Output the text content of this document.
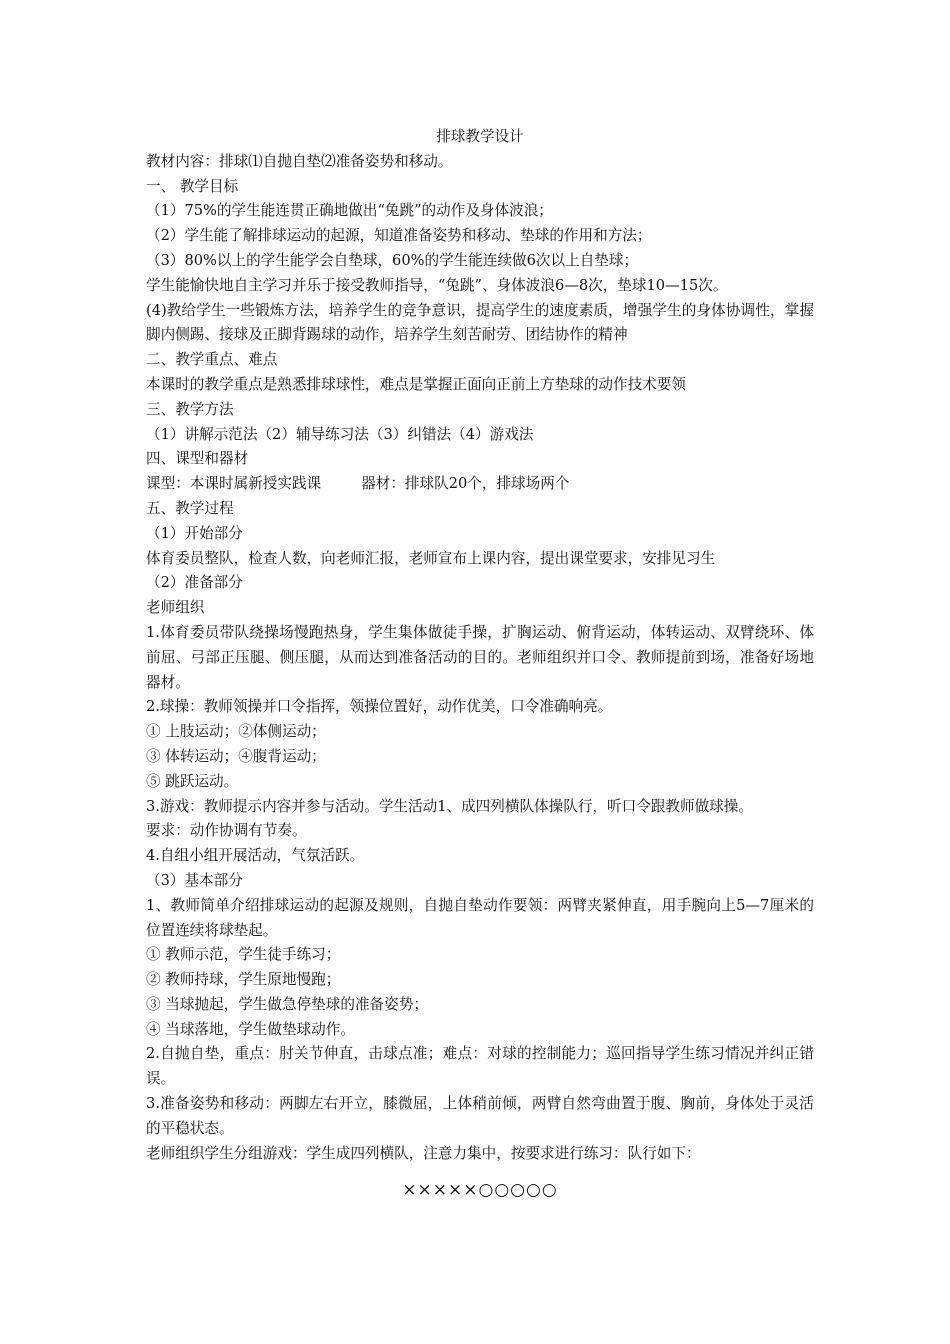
排球教学设计
教材内容：排球⑴自抛自垫⑵准备姿势和移动。
一、 教学目标
（1）75%的学生能连贯正确地做出“兔跳”的动作及身体波浪；
（2）学生能了解排球运动的起源，知道准备姿势和移动、垫球的作用和方法；
（3）80%以上的学生能学会自垫球，60%的学生能连续做6次以上自垫球；
学生能愉快地自主学习并乐于接受教师指导，“兔跳”、身体波浪6—8次，垫球10—15次。
(4)教给学生一些锻炼方法，培养学生的竞争意识，提高学生的速度素质，增强学生的身体协调性，掌握脚内侧踢、接球及正脚背踢球的动作，培养学生刻苦耐劳、团结协作的精神
二、教学重点、难点
本课时的教学重点是熟悉排球球性，难点是掌握正面向正前上方垫球的动作技术要领
三、教学方法
（1）讲解示范法（2）辅导练习法（3）纠错法（4）游戏法
四、课型和器材
课型：本课时属新授实践课	器材：排球队20个，排球场两个
五、教学过程
（1）开始部分
体育委员整队，检查人数，向老师汇报，老师宣布上课内容，提出课堂要求，安排见习生
（2）准备部分
老师组织
1.体育委员带队绕操场慢跑热身，学生集体做徒手操，扩胸运动、俯背运动，体转运动、双臂绕环、体前屈、弓部正压腿、侧压腿，从而达到准备活动的目的。老师组织并口令、教师提前到场，准备好场地器材。
2.球操：教师领操并口令指挥，领操位置好，动作优美，口令准确响亮。
① 上肢运动；②体侧运动；
③ 体转运动；④腹背运动；
⑤ 跳跃运动。
3.游戏：教师提示内容并参与活动。学生活动1、成四列横队体操队行，听口令跟教师做球操。
要求：动作协调有节奏。
4.自组小组开展活动，气氛活跃。
（3）基本部分
1、教师简单介绍排球运动的起源及规则，自抛自垫动作要领：两臂夹紧伸直，用手腕向上5—7厘米的位置连续将球垫起。
① 教师示范，学生徒手练习；
② 教师持球，学生原地慢跑；
③ 当球抛起，学生做急停垫球的准备姿势；
④ 当球落地，学生做垫球动作。
2.自抛自垫，重点：肘关节伸直，击球点准；难点：对球的控制能力；巡回指导学生练习情况并纠正错误。
3.准备姿势和移动：两脚左右开立，膝微屈，上体稍前倾，两臂自然弯曲置于腹、胸前，身体处于灵活的平稳状态。
老师组织学生分组游戏：学生成四列横队，注意力集中，按要求进行练习：队行如下：
×××××○○○○○
